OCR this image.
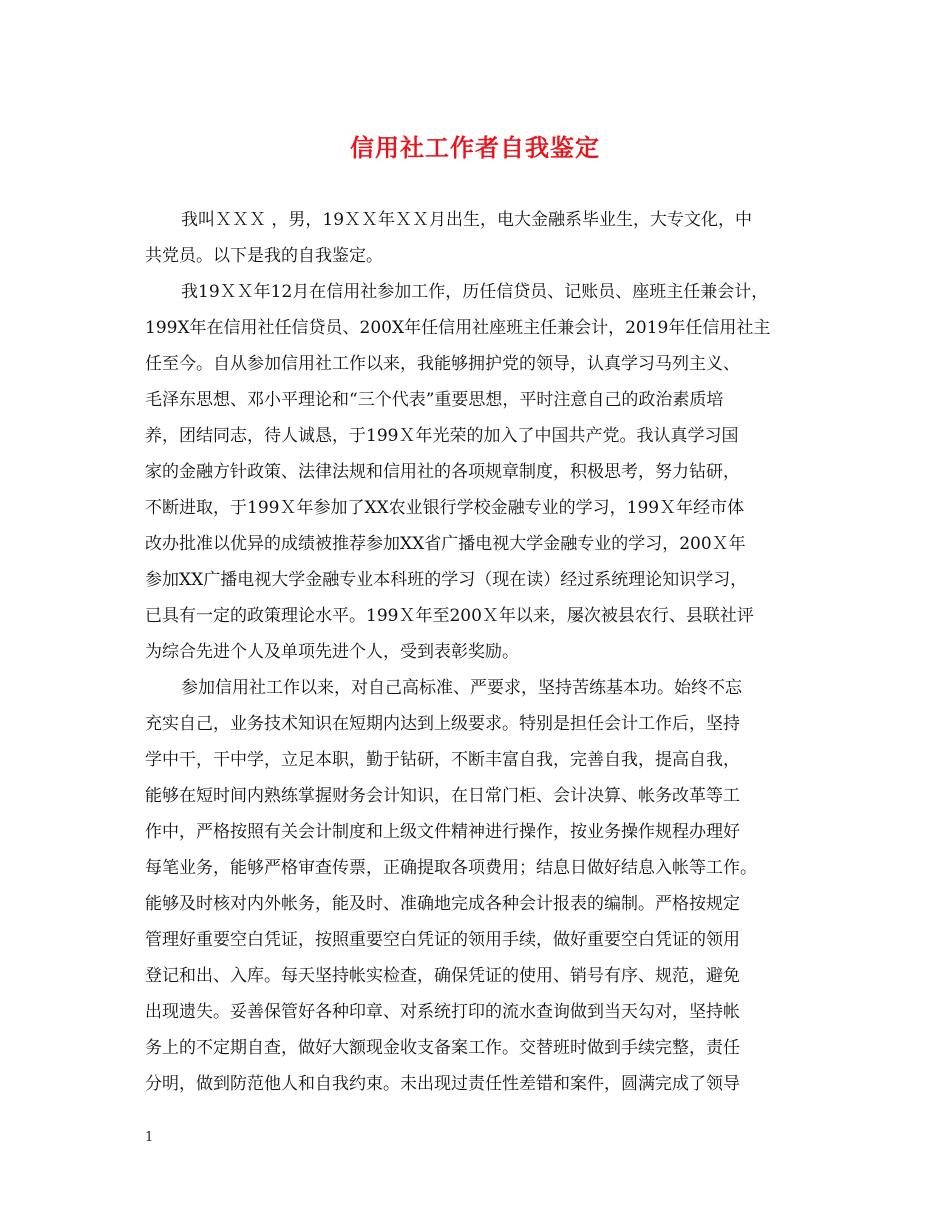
信用社工作者自我鉴定
我叫ＸＸＸ ，男，19ＸＸ年ＸＸ月出生，电大金融系毕业生，大专文化，中
共党员。以下是我的自我鉴定。
我19ＸＸ年12月在信用社参加工作，历任信贷员、记账员、座班主任兼会计，
199X年在信用社任信贷员、200X年任信用社座班主任兼会计，2019年任信用社主
任至今。自从参加信用社工作以来，我能够拥护党的领导，认真学习马列主义、
毛泽东思想、邓小平理论和“三个代表”重要思想，平时注意自己的政治素质培
养，团结同志，待人诚恳，于199Ｘ年光荣的加入了中国共产党。我认真学习国
家的金融方针政策、法律法规和信用社的各项规章制度，积极思考，努力钻研，
不断进取，于199Ｘ年参加了XX农业银行学校金融专业的学习，199Ｘ年经市体
改办批准以优异的成绩被推荐参加XX省广播电视大学金融专业的学习，200Ｘ年
参加XX广播电视大学金融专业本科班的学习（现在读）经过系统理论知识学习，
已具有一定的政策理论水平。199Ｘ年至200Ｘ年以来，屡次被县农行、县联社评
为综合先进个人及单项先进个人，受到表彰奖励。
参加信用社工作以来，对自己高标准、严要求，坚持苦练基本功。始终不忘
充实自己，业务技术知识在短期内达到上级要求。特别是担任会计工作后，坚持
学中干，干中学，立足本职，勤于钻研，不断丰富自我，完善自我，提高自我，
能够在短时间内熟练掌握财务会计知识，在日常门柜、会计决算、帐务改革等工
作中，严格按照有关会计制度和上级文件精神进行操作，按业务操作规程办理好
每笔业务，能够严格审查传票，正确提取各项费用；结息日做好结息入帐等工作。
能够及时核对内外帐务，能及时、准确地完成各种会计报表的编制。严格按规定
管理好重要空白凭证，按照重要空白凭证的领用手续，做好重要空白凭证的领用
登记和出、入库。每天坚持帐实检查，确保凭证的使用、销号有序、规范，避免
出现遗失。妥善保管好各种印章、对系统打印的流水查询做到当天勾对，坚持帐
务上的不定期自查，做好大额现金收支备案工作。交替班时做到手续完整，责任
分明，做到防范他人和自我约束。未出现过责任性差错和案件，圆满完成了领导
1
